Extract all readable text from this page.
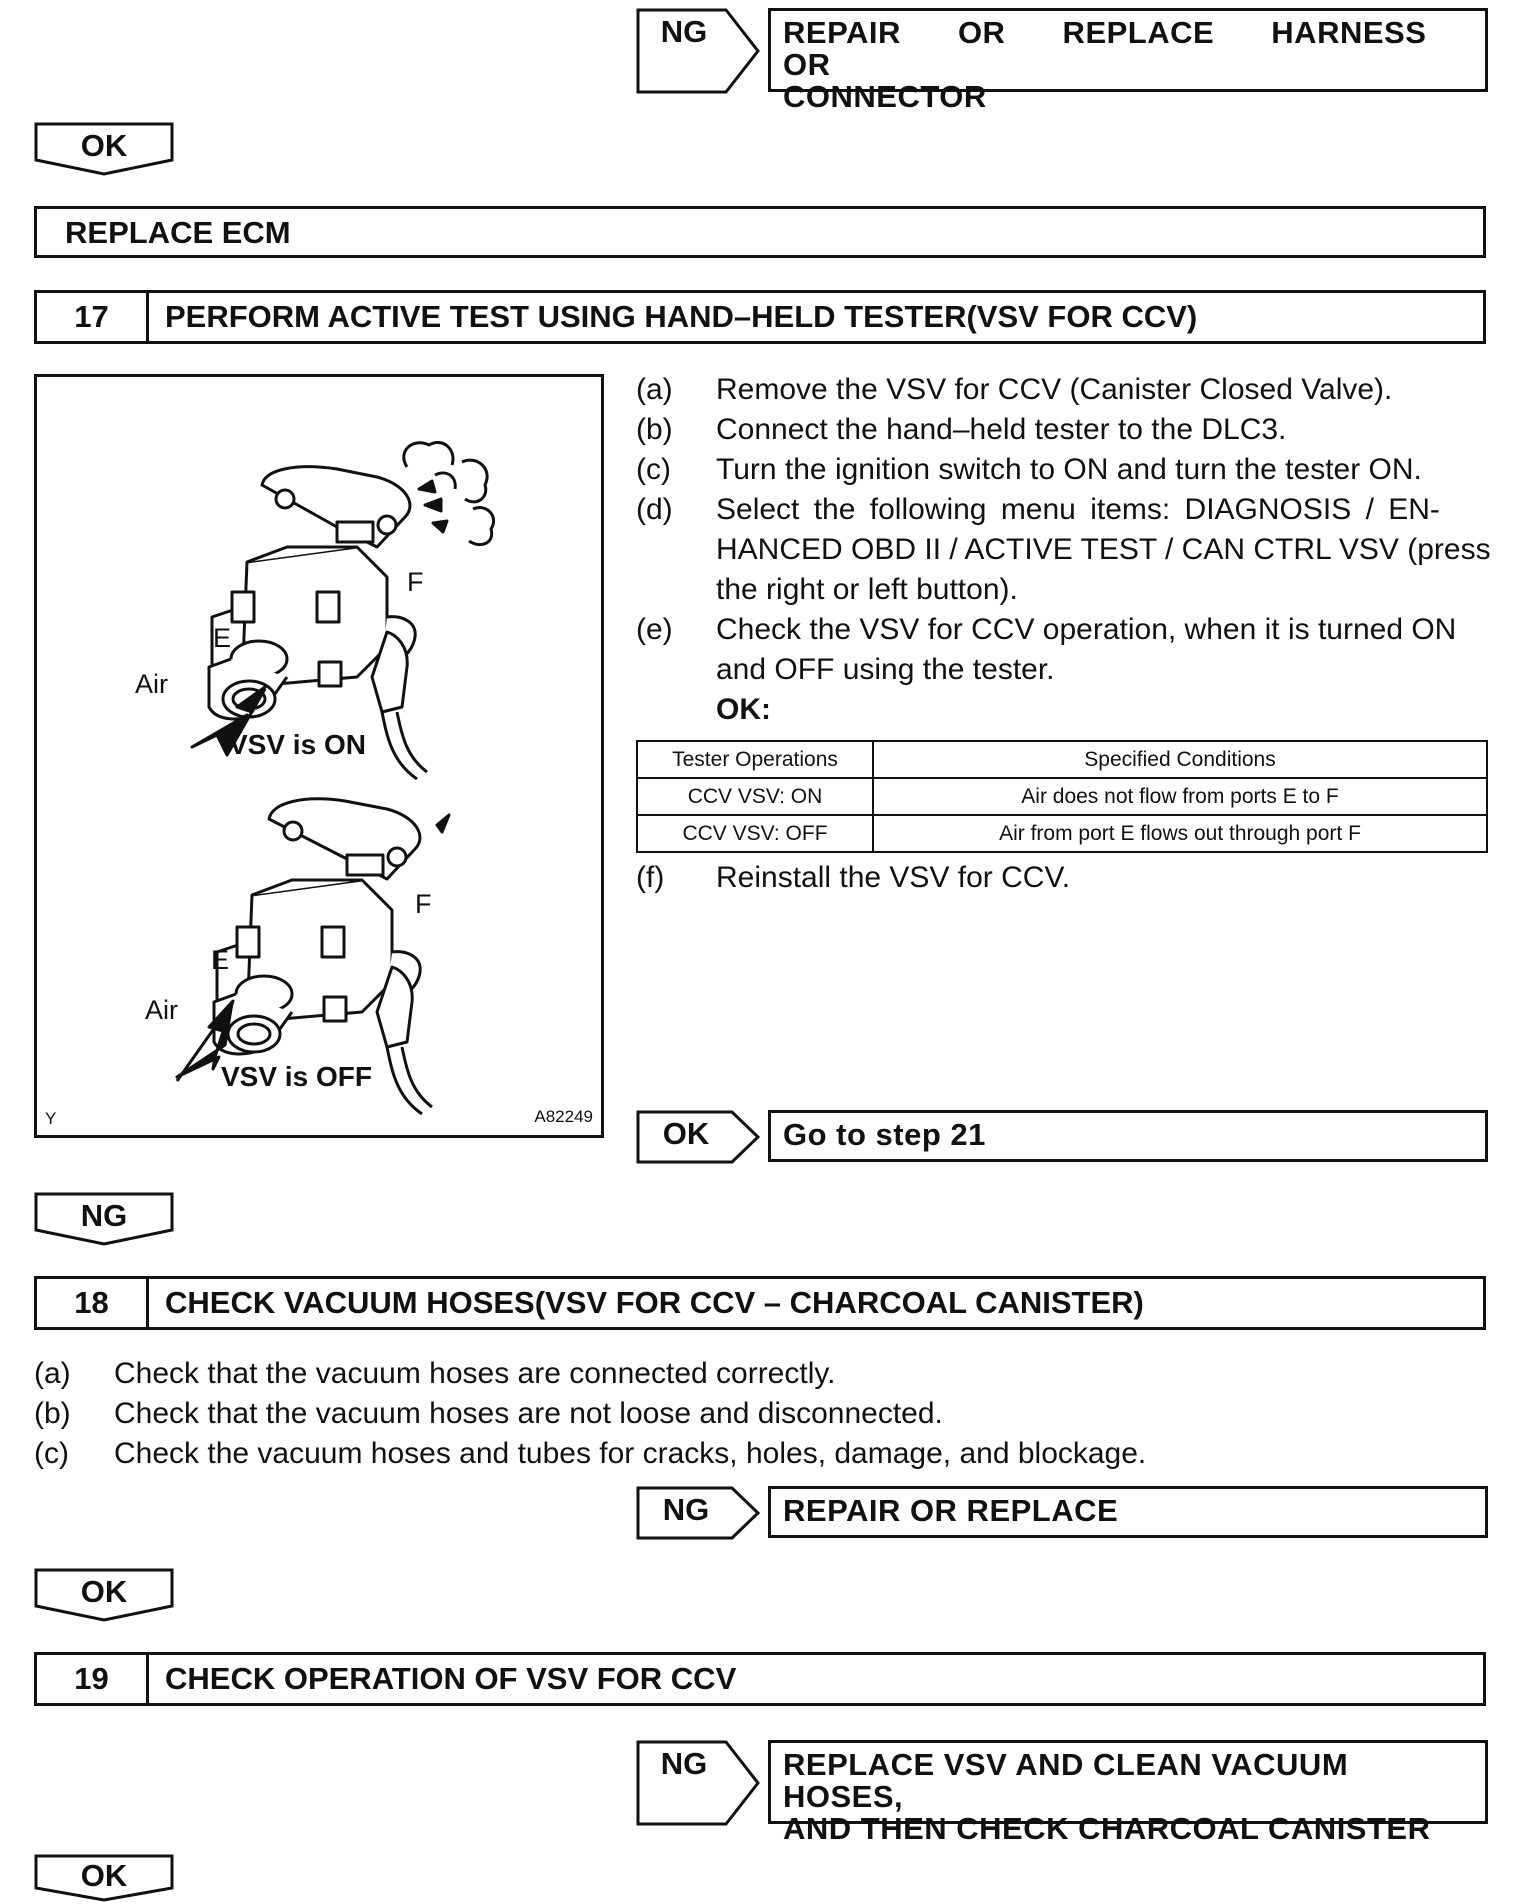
NG	REPAIR OR REPLACE HARNESS OR
CONNECTOR
OK
REPLACE ECM
17	PERFORM ACTIVE TEST USING HAND–HELD TESTER(VSV FOR CCV)
E
F
Air
VSV is ON
E
F
Air
VSV is OFF
Y	A82249
(a) Remove the VSV for CCV (Canister Closed Valve).
(b) Connect the hand–held tester to the DLC3.
(c) Turn the ignition switch to ON and turn the tester ON.
(d) Select the following menu items: DIAGNOSIS / EN-
HANCED OBD II / ACTIVE TEST / CAN CTRL VSV (press
the right or left button).
(e) Check the VSV for CCV operation, when it is turned ON
and OFF using the tester.
OK:
Tester Operations	Specified Conditions
CCV VSV: ON	Air does not flow from ports E to F
CCV VSV: OFF	Air from port E flows out through port F
(f) Reinstall the VSV for CCV.
OK	Go to step 21
NG
18	CHECK VACUUM HOSES(VSV FOR CCV – CHARCOAL CANISTER)
(a) Check that the vacuum hoses are connected correctly.
(b) Check that the vacuum hoses are not loose and disconnected.
(c) Check the vacuum hoses and tubes for cracks, holes, damage, and blockage.
NG	REPAIR OR REPLACE
OK
19	CHECK OPERATION OF VSV FOR CCV
NG	REPLACE VSV AND CLEAN VACUUM HOSES,
AND THEN CHECK CHARCOAL CANISTER
OK
